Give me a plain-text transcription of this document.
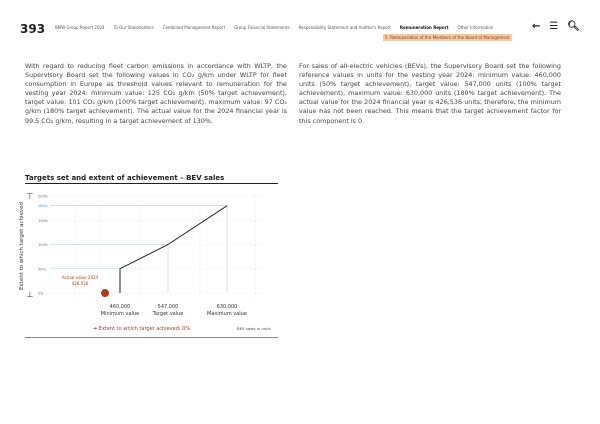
393 BMW Group Report 2024 To Our Stakeholders Combined Management Report Group Financial Statements Responsibility Statement and Auditor's Report Remuneration Report Other Information
5. Remuneration of the Members of the Board of Management
← ☰ 🔍︎
With regard to reducing fleet carbon emissions in accordance with WLTP, the Supervisory Board set the following values in CO₂ g/km under WLTP for fleet consumption in Europe as threshold values relevant to remuneration for the vesting year 2024: minimum value: 125 CO₂ g/km (50% target achievement), target value: 101 CO₂ g/km (100% target achievement), maximum value: 97 CO₂ g/km (180% target achievement). The actual value for the 2024 financial year is 99.5 CO₂ g/km, resulting in a target achievement of 130%.
For sales of all-electric vehicles (BEVs), the Supervisory Board set the following reference values in units for the vesting year 2024: minimum value: 460,000 units (50% target achievement), target value: 547,000 units (100% target achievement), maximum value: 630,000 units (180% target achievement). The actual value for the 2024 financial year is 426,536 units; therefore, the minimum value has not been reached. This means that the target achievement factor for this component is 0.
Targets set and extent of achievement – BEV sales
0%
50%
100%
150%
200%
460,000
Minimum value
547,000
Target value
630,000
Maximum value
180%
Actual value 2024
426,536
Extent to which target achieved
⊤
⊥
➔ Extent to which target achieved: 0%	BEV sales in units
